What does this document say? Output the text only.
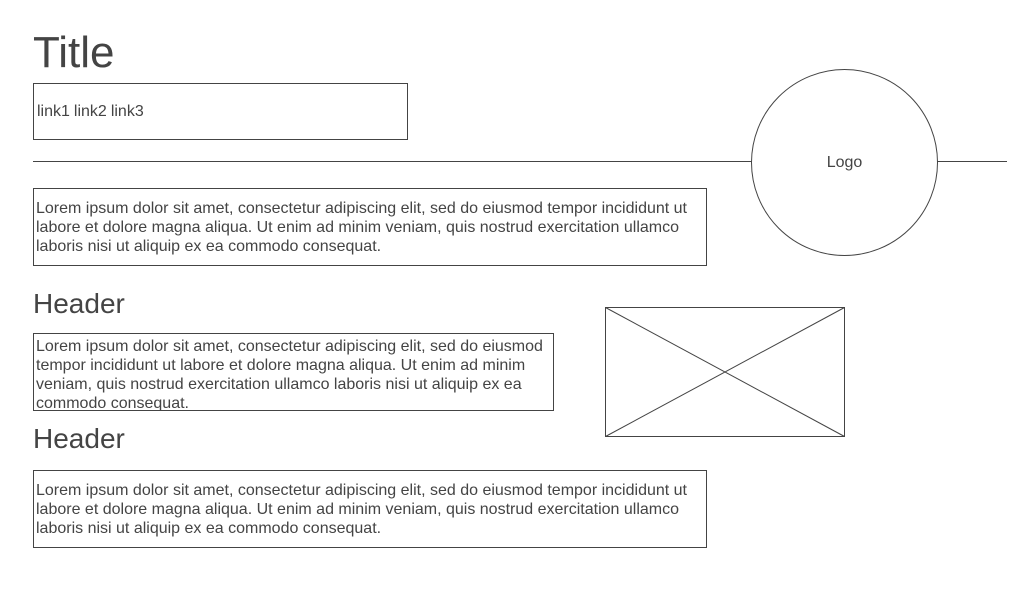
Title
link1 link2 link3
Logo
Lorem ipsum dolor sit amet, consectetur adipiscing elit, sed do eiusmod tempor incididunt ut labore et dolore magna aliqua. Ut enim ad minim veniam, quis nostrud exercitation ullamco laboris nisi ut aliquip ex ea commodo consequat.
Header
Lorem ipsum dolor sit amet, consectetur adipiscing elit, sed do eiusmod tempor incididunt ut labore et dolore magna aliqua. Ut enim ad minim veniam, quis nostrud exercitation ullamco laboris nisi ut aliquip ex ea commodo consequat.
Header
Lorem ipsum dolor sit amet, consectetur adipiscing elit, sed do eiusmod tempor incididunt ut labore et dolore magna aliqua. Ut enim ad minim veniam, quis nostrud exercitation ullamco laboris nisi ut aliquip ex ea commodo consequat.
